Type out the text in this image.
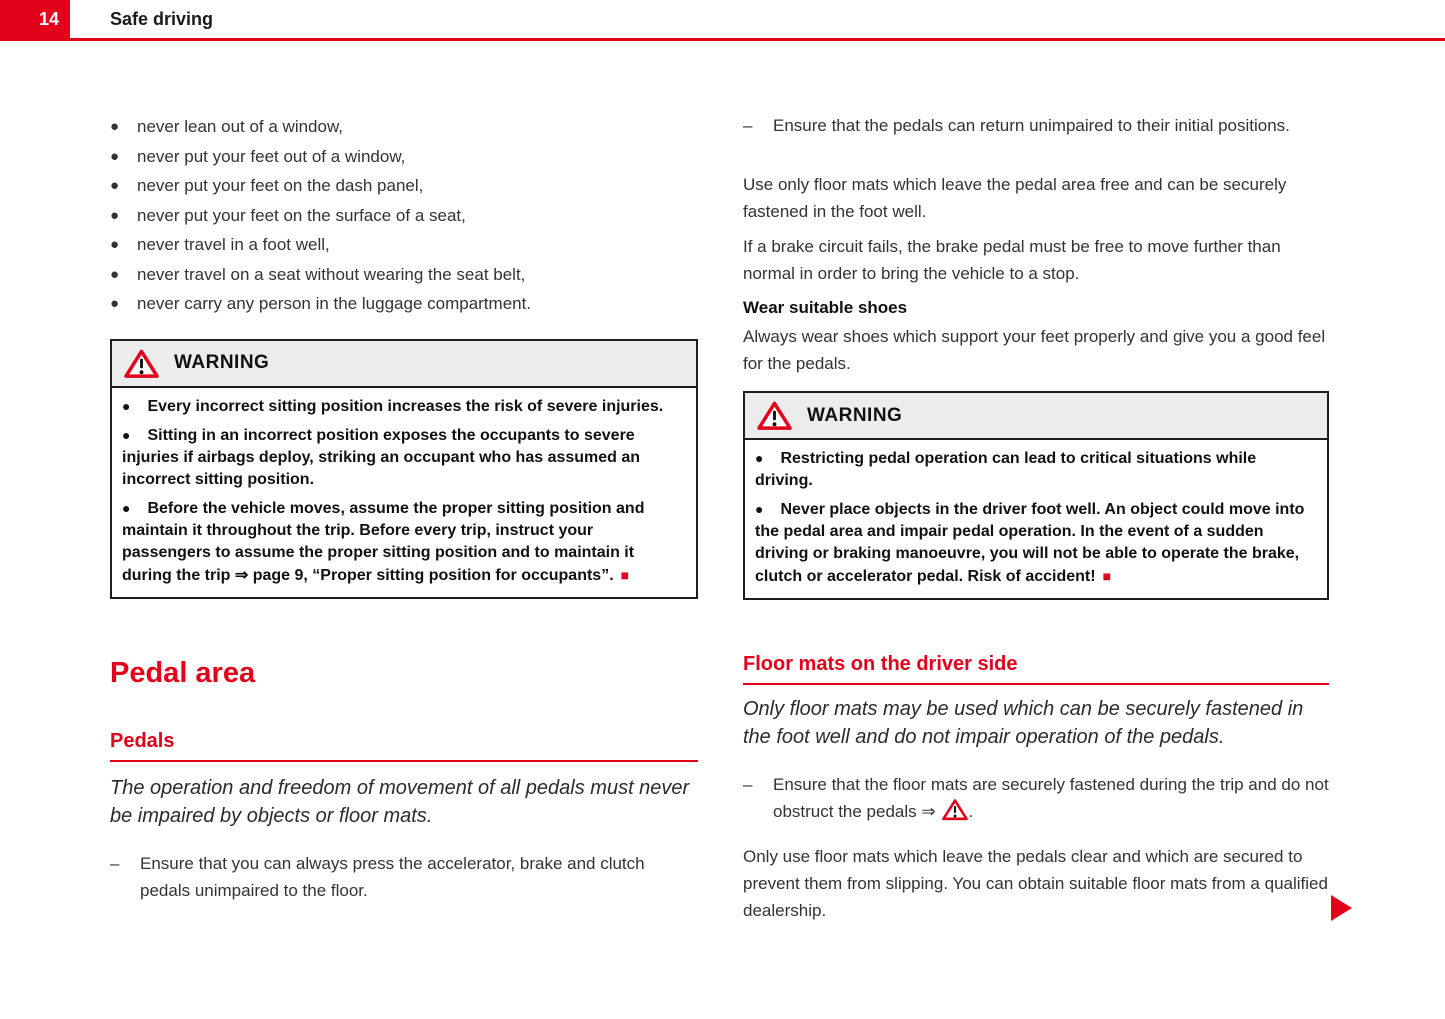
14	Safe driving
●	never lean out of a window,
●	never put your feet out of a window,
●	never put your feet on the dash panel,
●	never put your feet on the surface of a seat,
●	never travel in a foot well,
●	never travel on a seat without wearing the seat belt,
●	never carry any person in the luggage compartment.
WARNING

● Every incorrect sitting position increases the risk of severe injuries.

● Sitting in an incorrect position exposes the occupants to severe injuries if airbags deploy, striking an occupant who has assumed an incorrect sitting position.

● Before the vehicle moves, assume the proper sitting position and maintain it throughout the trip. Before every trip, instruct your passengers to assume the proper sitting position and to maintain it during the trip ⇒ page 9, “Proper sitting position for occupants”. ■

Pedal area
Pedals

The operation and freedom of movement of all pedals must never be impaired by objects or floor mats.

–	Ensure that you can always press the accelerator, brake and clutch pedals unimpaired to the floor.
–	Ensure that the pedals can return unimpaired to their initial positions.

Use only floor mats which leave the pedal area free and can be securely fastened in the foot well.

If a brake circuit fails, the brake pedal must be free to move further than normal in order to bring the vehicle to a stop.

Wear suitable shoes

Always wear shoes which support your feet properly and give you a good feel for the pedals.

WARNING

● Restricting pedal operation can lead to critical situations while driving.

● Never place objects in the driver foot well. An object could move into the pedal area and impair pedal operation. In the event of a sudden driving or braking manoeuvre, you will not be able to operate the brake, clutch or accelerator pedal. Risk of accident! ■

Floor mats on the driver side

Only floor mats may be used which can be securely fastened in the foot well and do not impair operation of the pedals.

–	Ensure that the floor mats are securely fastened during the trip and do not obstruct the pedals ⇒ .

Only use floor mats which leave the pedals clear and which are secured to prevent them from slipping. You can obtain suitable floor mats from a qualified dealership.
